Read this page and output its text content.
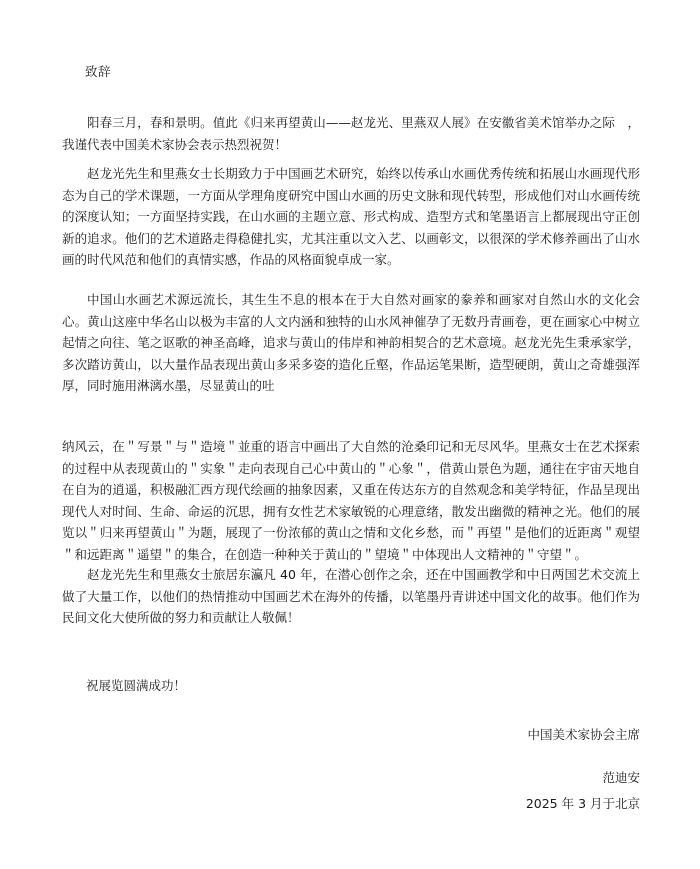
致辞

阳春三月，春和景明。值此《归来再望黄山——赵龙光、里燕双人展》在安徽省美术馆举办之际　，我谨代表中国美术家协会表示热烈祝贺！

赵龙光先生和里燕女士长期致力于中国画艺术研究，始终以传承山水画优秀传统和拓展山水画现代形态为自己的学术课题，一方面从学理角度研究中国山水画的历史文脉和现代转型，形成他们对山水画传统的深度认知；一方面坚持实践，在山水画的主题立意、形式构成、造型方式和笔墨语言上都展现出守正创新的追求。他们的艺术道路走得稳健扎实，尤其注重以文入艺、以画彰文，以很深的学术修养画出了山水画的时代风范和他们的真情实感，作品的风格面貌卓成一家。

中国山水画艺术源远流长，其生生不息的根本在于大自然对画家的豢养和画家对自然山水的文化会心。黄山这座中华名山以极为丰富的人文内涵和独特的山水风神催孕了无数丹青画卷，更在画家心中树立起情之向往、笔之讴歌的神圣高峰，追求与黄山的伟岸和神韵相契合的艺术意境。赵龙光先生秉承家学，多次踏访黄山，以大量作品表现出黄山多采多姿的造化丘壑，作品运笔果断，造型硬朗，黄山之奇雄强浑厚，同时施用淋漓水墨，尽显黄山的吐

纳风云，在＂写景＂与＂造境＂並重的语言中画出了大自然的沧桑印记和无尽风华。里燕女士在艺术探索的过程中从表现黄山的＂实象＂走向表现自己心中黄山的＂心象＂，借黄山景色为题，通往在宇宙天地自在自为的逍遥，积极融汇西方现代绘画的抽象因素，又重在传达东方的自然观念和美学特征，作品呈现出现代人对时间、生命、命运的沉思，拥有女性艺术家敏锐的心理意绪，散发出幽微的精神之光。他们的展览以＂归来再望黄山＂为题，展现了一份浓郁的黄山之情和文化乡愁，而＂再望＂是他们的近距离＂观望＂和远距离＂遥望＂的集合，在创造一种种关于黄山的＂望境＂中体现出人文精神的＂守望＂。

赵龙光先生和里燕女士旅居东瀛凡 40 年，在潜心创作之余，还在中国画教学和中日两国艺术交流上做了大量工作，以他们的热情推动中国画艺术在海外的传播，以笔墨丹青讲述中国文化的故事。他们作为民间文化大使所做的努力和贡献让人敬佩！

祝展览圆满成功！
中国美术家协会主席
范迪安
2025 年 3 月于北京
